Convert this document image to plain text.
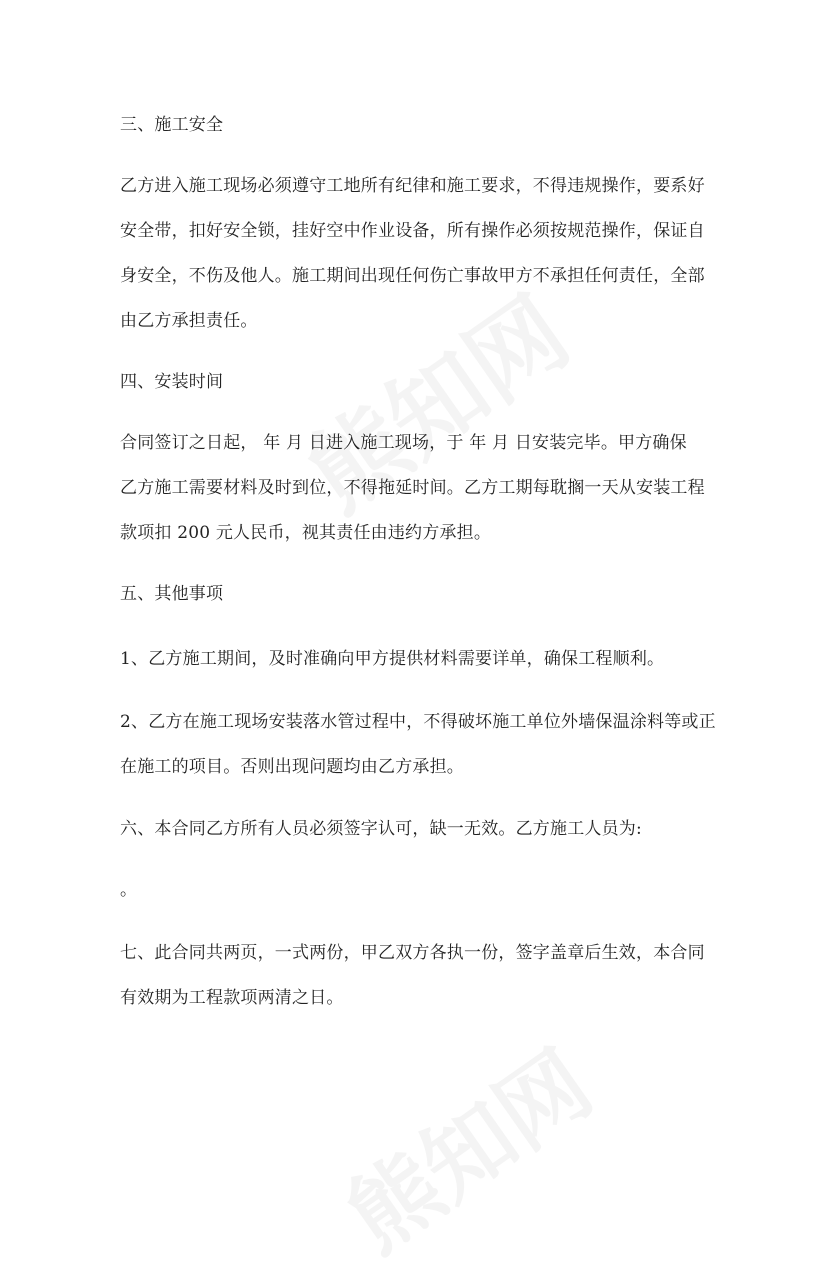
三、施工安全
乙方进入施工现场必须遵守工地所有纪律和施工要求，不得违规操作，要系好
安全带，扣好安全锁，挂好空中作业设备，所有操作必须按规范操作，保证自
身安全，不伤及他人。施工期间出现任何伤亡事故甲方不承担任何责任，全部
由乙方承担责任。
四、安装时间
合同签订之日起， 年 月 日进入施工现场，于 年 月 日安装完毕。甲方确保
乙方施工需要材料及时到位，不得拖延时间。乙方工期每耽搁一天从安装工程
款项扣 200 元人民币，视其责任由违约方承担。
五、其他事项
1、乙方施工期间，及时准确向甲方提供材料需要详单，确保工程顺利。
2、乙方在施工现场安装落水管过程中，不得破坏施工单位外墙保温涂料等或正
在施工的项目。否则出现问题均由乙方承担。
六、本合同乙方所有人员必须签字认可，缺一无效。乙方施工人员为:
。
七、此合同共两页，一式两份，甲乙双方各执一份，签字盖章后生效，本合同
有效期为工程款项两清之日。
